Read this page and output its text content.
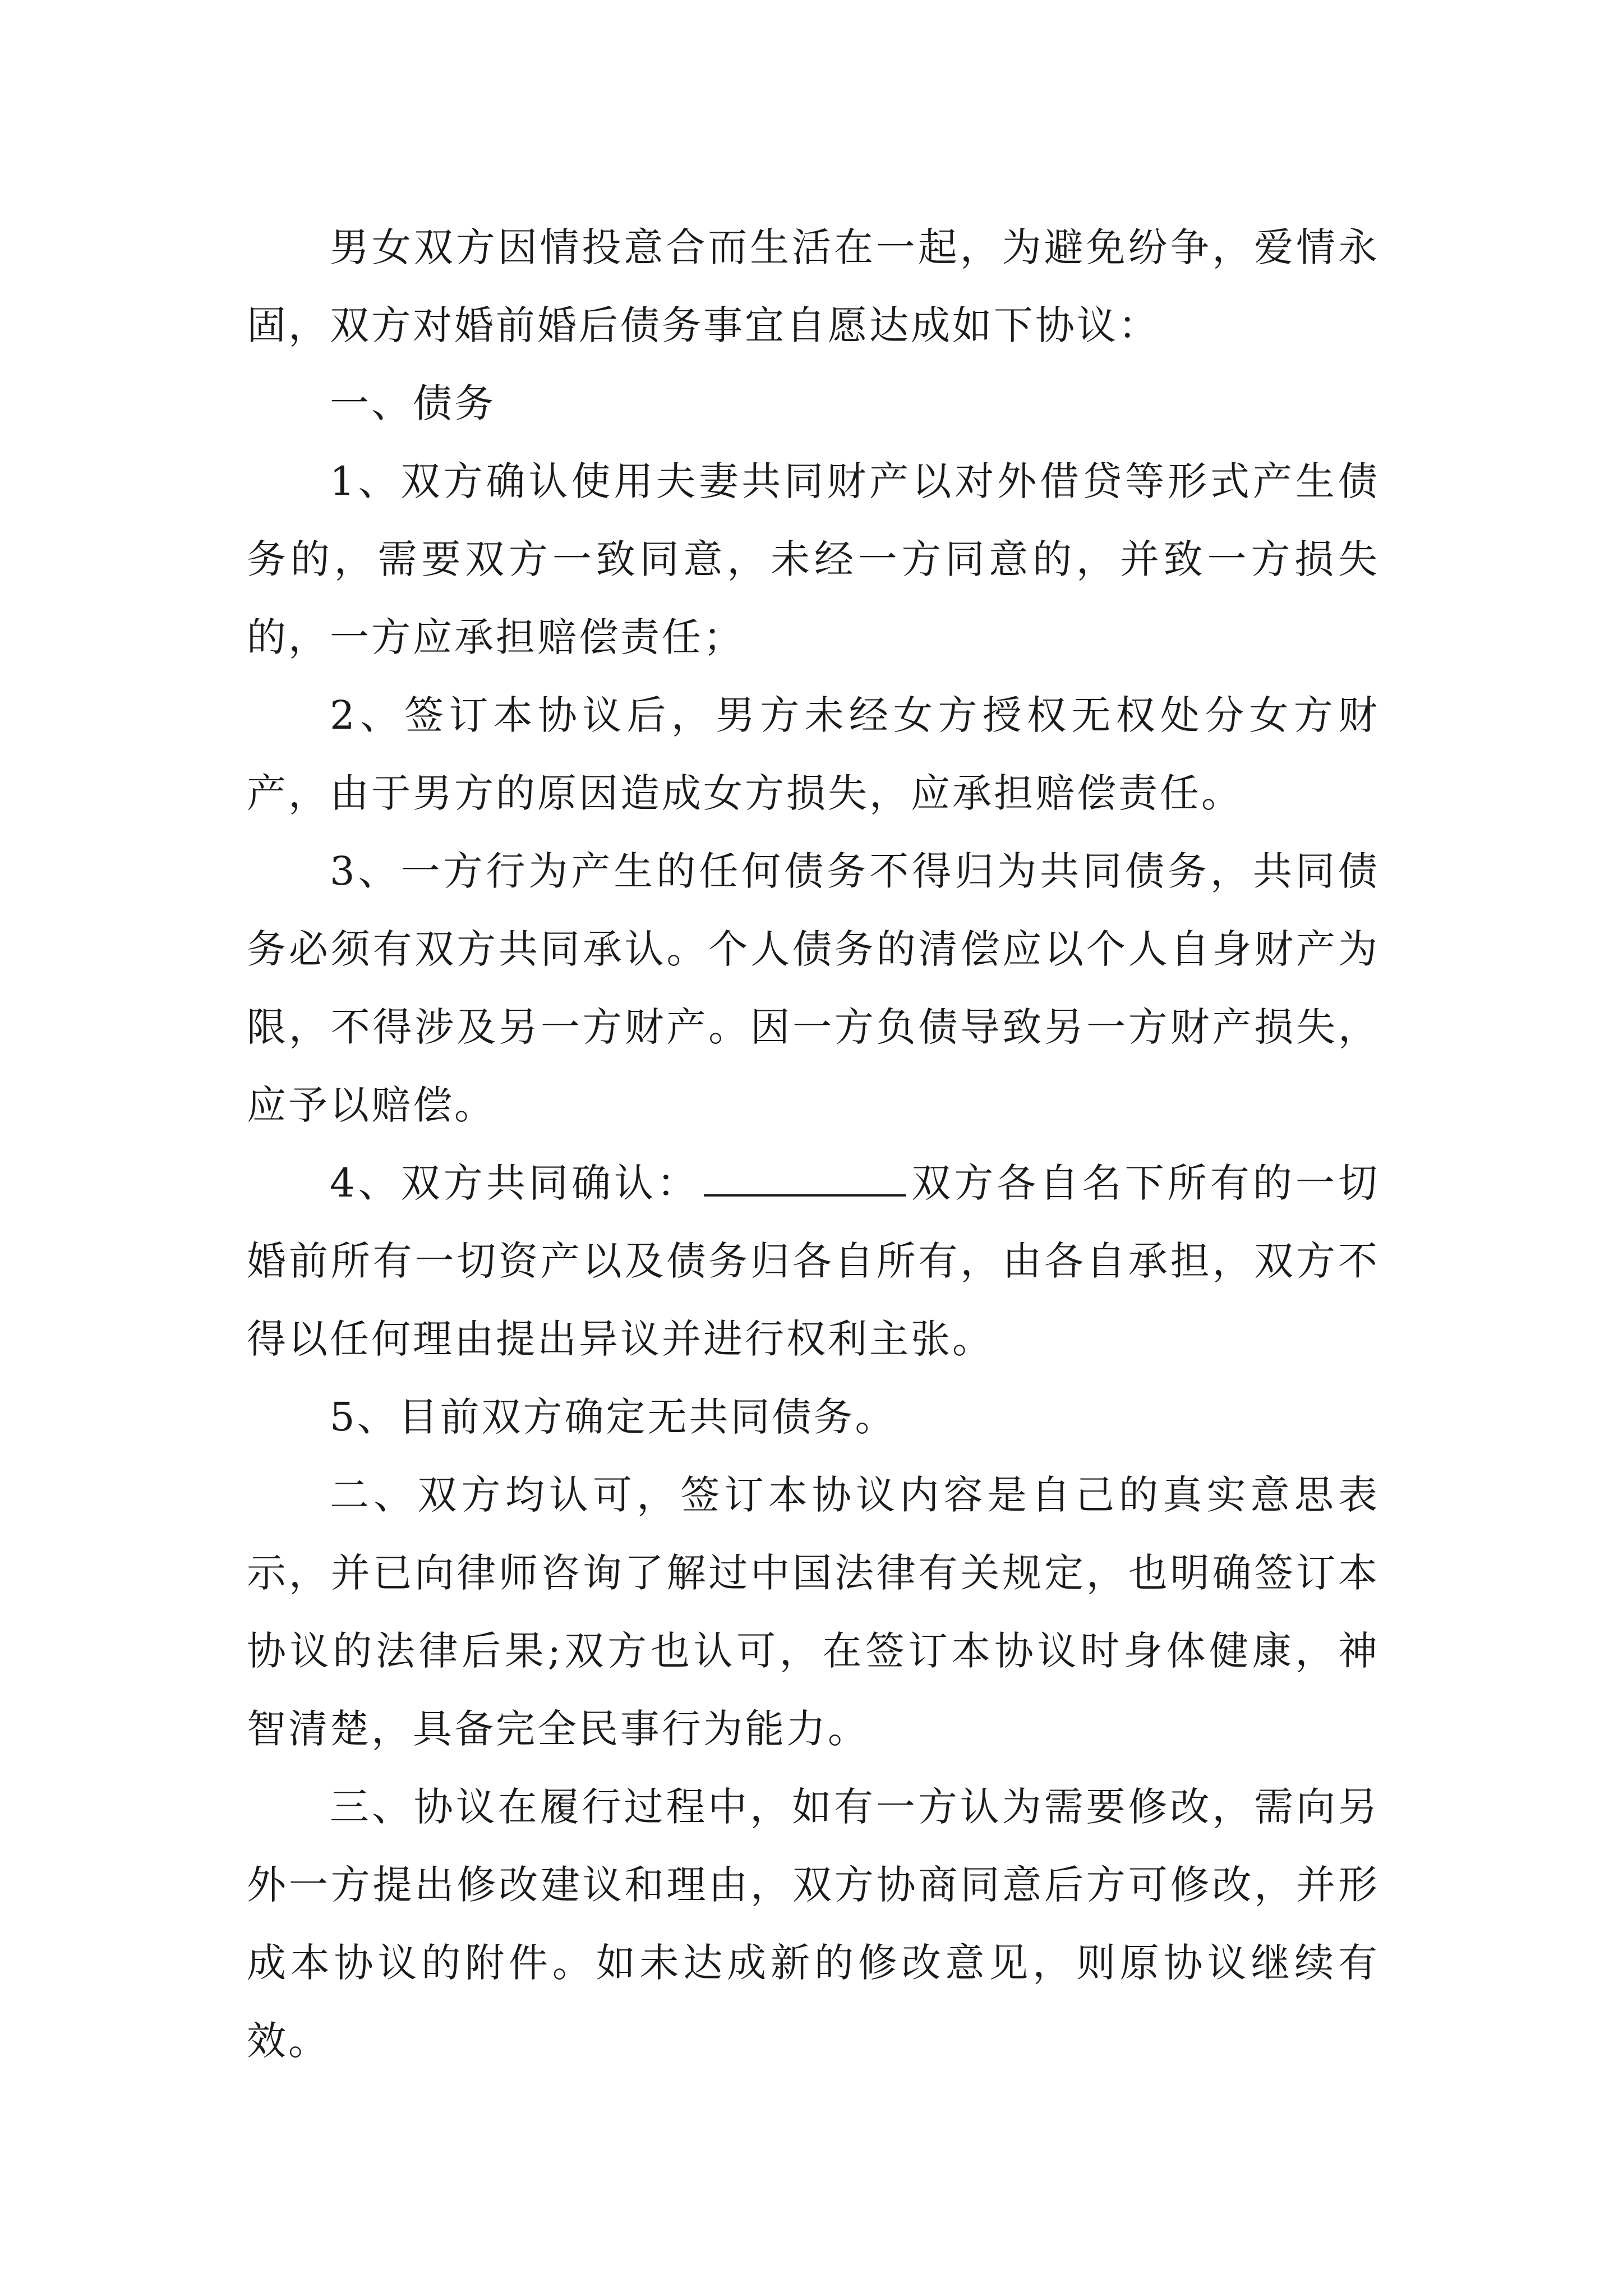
男女双方因情投意合而生活在一起，为避免纷争，爱情永固，双方对婚前婚后债务事宜自愿达成如下协议：

一、债务

1、双方确认使用夫妻共同财产以对外借贷等形式产生债务的，需要双方一致同意，未经一方同意的，并致一方损失的，一方应承担赔偿责任；

2、签订本协议后，男方未经女方授权无权处分女方财产，由于男方的原因造成女方损失，应承担赔偿责任。

3、一方行为产生的任何债务不得归为共同债务，共同债务必须有双方共同承认。个人债务的清偿应以个人自身财产为限，不得涉及另一方财产。因一方负债导致另一方财产损失，应予以赔偿。

4、双方共同确认：	双方各自名下所有的一切婚前所有一切资产以及债务归各自所有，由各自承担，双方不得以任何理由提出异议并进行权利主张。

5、目前双方确定无共同债务。

二、双方均认可，签订本协议内容是自己的真实意思表示，并已向律师咨询了解过中国法律有关规定，也明确签订本协议的法律后果;双方也认可，在签订本协议时身体健康，神智清楚，具备完全民事行为能力。

三、协议在履行过程中，如有一方认为需要修改，需向另外一方提出修改建议和理由，双方协商同意后方可修改，并形成本协议的附件。如未达成新的修改意见，则原协议继续有效。
